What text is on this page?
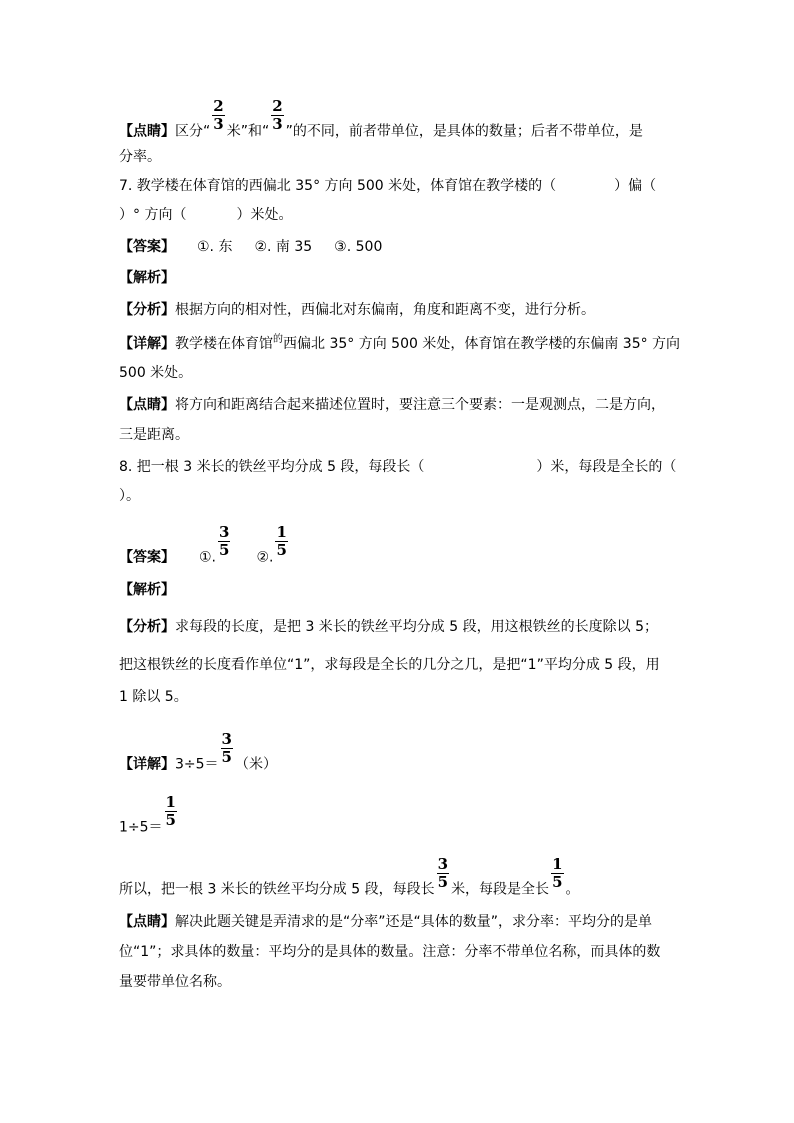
【点睛】区分“ $\frac{2}{3}$ 米”和“ $\frac{2}{3}$ ”的不同，前者带单位，是具体的数量；后者不带单位，是
分率。
7. 教学楼在体育馆的西偏北 35° 方向 500 米处，体育馆在教学楼的（	）偏（
）° 方向（	）米处。
【答案】 ①. 东 ②. 南 35 ③. 500
【解析】
【分析】根据方向的相对性，西偏北对东偏南，角度和距离不变，进行分析。
【详解】教学楼在体育馆$^的$西偏北 35° 方向 500 米处，体育馆在教学楼的东偏南 35° 方向
500 米处。
【点睛】将方向和距离结合起来描述位置时，要注意三个要素：一是观测点，二是方向，
三是距离。
8. 把一根 3 米长的铁丝平均分成 5 段，每段长（	）米，每段是全长的（
）。
【答案】 ①. $\frac{3}{5}$ ②. $\frac{1}{5}$
【解析】
【分析】求每段的长度，是把 3 米长的铁丝平均分成 5 段，用这根铁丝的长度除以 5；
把这根铁丝的长度看作单位“1”，求每段是全长的几分之几，是把“1”平均分成 5 段，用
1 除以 5。
【详解】$3\div 5= \frac{3}{5}$ （米）
$1\div 5= \frac{1}{5}$
所以，把一根 3 米长的铁丝平均分成 5 段，每段长 $\frac{3}{5}$ 米，每段是全长 $\frac{1}{5}$ 。
【点睛】解决此题关键是弄清求的是“分率”还是“具体的数量”，求分率：平均分的是单
位“1”；求具体的数量：平均分的是具体的数量。注意：分率不带单位名称，而具体的数
量要带单位名称。
